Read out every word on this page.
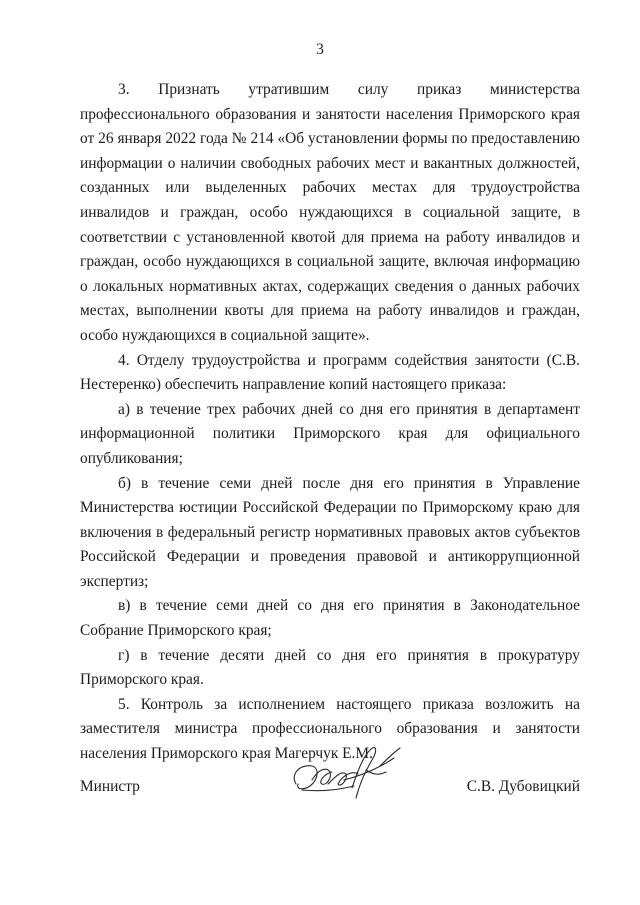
3

3. Признать утратившим силу приказ министерства профессионального образования и занятости населения Приморского края от 26 января 2022 года № 214 «Об установлении формы по предоставлению информации о наличии свободных рабочих мест и вакантных должностей, созданных или выделенных рабочих местах для трудоустройства инвалидов и граждан, особо нуждающихся в социальной защите, в соответствии с установленной квотой для приема на работу инвалидов и граждан, особо нуждающихся в социальной защите, включая информацию о локальных нормативных актах, содержащих сведения о данных рабочих местах, выполнении квоты для приема на работу инвалидов и граждан, особо нуждающихся в социальной защите».

4. Отделу трудоустройства и программ содействия занятости (С.В. Нестеренко) обеспечить направление копий настоящего приказа:

а) в течение трех рабочих дней со дня его принятия в департамент информационной политики Приморского края для официального опубликования;

б) в течение семи дней после дня его принятия в Управление Министерства юстиции Российской Федерации по Приморскому краю для включения в федеральный регистр нормативных правовых актов субъектов Российской Федерации и проведения правовой и антикоррупционной экспертиз;

в) в течение семи дней со дня его принятия в Законодательное Собрание Приморского края;

г) в течение десяти дней со дня его принятия в прокуратуру Приморского края.

5. Контроль за исполнением настоящего приказа возложить на заместителя министра профессионального образования и занятости населения Приморского края Магерчук Е.М.

Министр	С.В. Дубовицкий
